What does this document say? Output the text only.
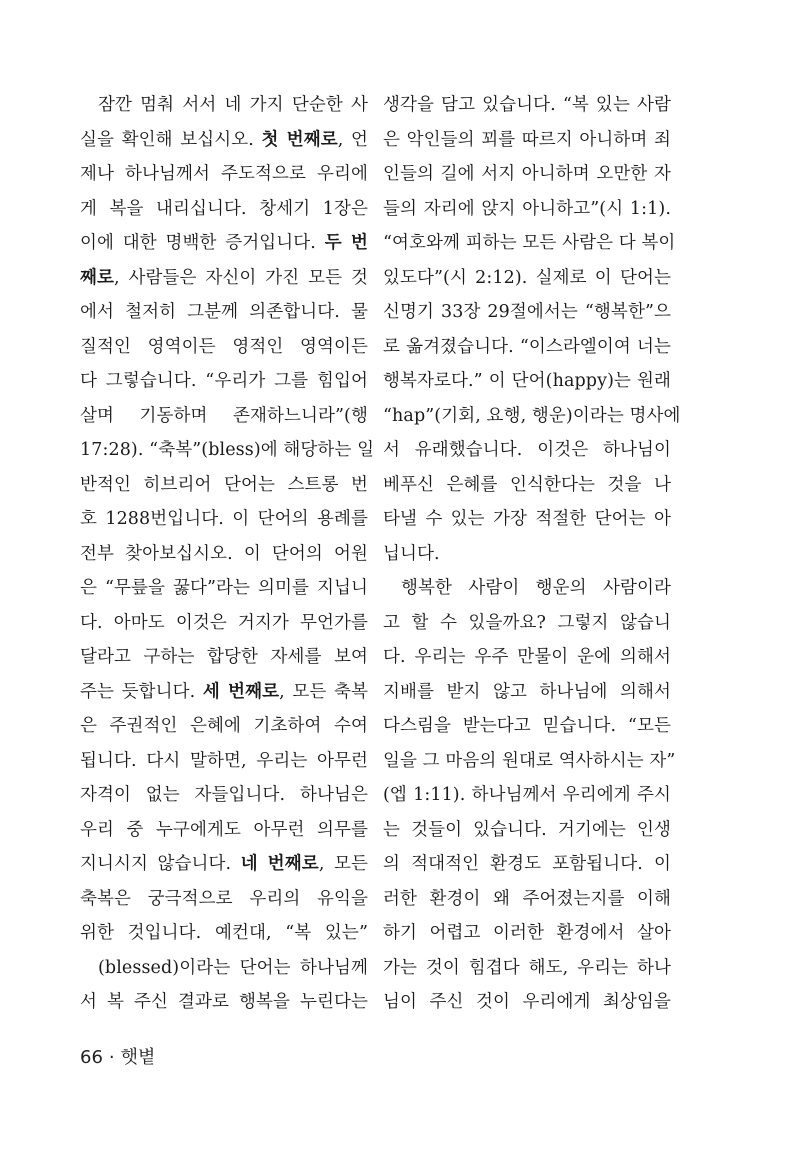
잠깐 멈춰 서서 네 가지 단순한 사
실을 확인해 보십시오. 첫 번째로, 언
제나 하나님께서 주도적으로 우리에
게 복을 내리십니다. 창세기 1장은
이에 대한 명백한 증거입니다. 두 번
째로, 사람들은 자신이 가진 모든 것
에서 철저히 그분께 의존합니다. 물
질적인 영역이든 영적인 영역이든
다 그렇습니다. “우리가 그를 힘입어
살며 기동하며 존재하느니라”(행
17:28). “축복”(bless)에 해당하는 일
반적인 히브리어 단어는 스트롱 번
호 1288번입니다. 이 단어의 용례를
전부 찾아보십시오. 이 단어의 어원
은 “무릎을 꿇다”라는 의미를 지닙니
다. 아마도 이것은 거지가 무언가를
달라고 구하는 합당한 자세를 보여
주는 듯합니다. 세 번째로, 모든 축복
은 주권적인 은혜에 기초하여 수여
됩니다. 다시 말하면, 우리는 아무런
자격이 없는 자들입니다. 하나님은
우리 중 누구에게도 아무런 의무를
지니시지 않습니다. 네 번째로, 모든
축복은 궁극적으로 우리의 유익을
위한 것입니다. 예컨대, “복 있는”
(blessed)이라는 단어는 하나님께
서 복 주신 결과로 행복을 누린다는
생각을 담고 있습니다. “복 있는 사람
은 악인들의 꾀를 따르지 아니하며 죄
인들의 길에 서지 아니하며 오만한 자
들의 자리에 앉지 아니하고”(시 1:1).
“여호와께 피하는 모든 사람은 다 복이
있도다”(시 2:12). 실제로 이 단어는
신명기 33장 29절에서는 “행복한”으
로 옮겨졌습니다. “이스라엘이여 너는
행복자로다.” 이 단어(happy)는 원래
“hap”(기회, 요행, 행운)이라는 명사에
서 유래했습니다. 이것은 하나님이
베푸신 은혜를 인식한다는 것을 나
타낼 수 있는 가장 적절한 단어는 아
닙니다.
행복한 사람이 행운의 사람이라
고 할 수 있을까요? 그렇지 않습니
다. 우리는 우주 만물이 운에 의해서
지배를 받지 않고 하나님에 의해서
다스림을 받는다고 믿습니다. “모든
일을 그 마음의 원대로 역사하시는 자”
(엡 1:11). 하나님께서 우리에게 주시
는 것들이 있습니다. 거기에는 인생
의 적대적인 환경도 포함됩니다. 이
러한 환경이 왜 주어졌는지를 이해
하기 어렵고 이러한 환경에서 살아
가는 것이 힘겹다 해도, 우리는 하나
님이 주신 것이 우리에게 최상임을
66 · 햇볕
